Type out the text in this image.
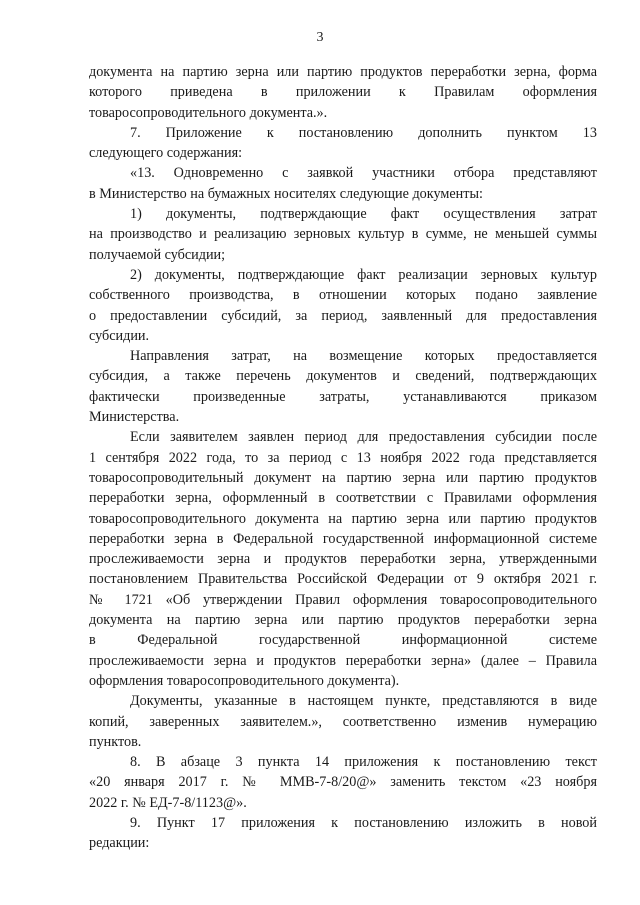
3
документа на партию зерна или партию продуктов переработки зерна, форма
которого приведена в приложении к Правилам оформления
товаросопроводительного документа.».
7. Приложение к постановлению дополнить пунктом 13
следующего содержания:
«13. Одновременно с заявкой участники отбора представляют
в Министерство на бумажных носителях следующие документы:
1) документы, подтверждающие факт осуществления затрат
на производство и реализацию зерновых культур в сумме, не меньшей суммы
получаемой субсидии;
2) документы, подтверждающие факт реализации зерновых культур
собственного производства, в отношении которых подано заявление
о предоставлении субсидий, за период, заявленный для предоставления
субсидии.
Направления затрат, на возмещение которых предоставляется
субсидия, а также перечень документов и сведений, подтверждающих
фактически произведенные затраты, устанавливаются приказом
Министерства.
Если заявителем заявлен период для предоставления субсидии после
1 сентября 2022 года, то за период с 13 ноября 2022 года представляется
товаросопроводительный документ на партию зерна или партию продуктов
переработки зерна, оформленный в соответствии с Правилами оформления
товаросопроводительного документа на партию зерна или партию продуктов
переработки зерна в Федеральной государственной информационной системе
прослеживаемости зерна и продуктов переработки зерна, утвержденными
постановлением Правительства Российской Федерации от 9 октября 2021 г.
№ 1721 «Об утверждении Правил оформления товаросопроводительного
документа на партию зерна или партию продуктов переработки зерна
в Федеральной государственной информационной системе
прослеживаемости зерна и продуктов переработки зерна» (далее – Правила
оформления товаросопроводительного документа).
Документы, указанные в настоящем пункте, представляются в виде
копий, заверенных заявителем.», соответственно изменив нумерацию
пунктов.
8. В абзаце 3 пункта 14 приложения к постановлению текст
«20 января 2017 г. № ММВ-7-8/20@» заменить текстом «23 ноября
2022 г. № ЕД-7-8/1123@».
9. Пункт 17 приложения к постановлению изложить в новой
редакции:
